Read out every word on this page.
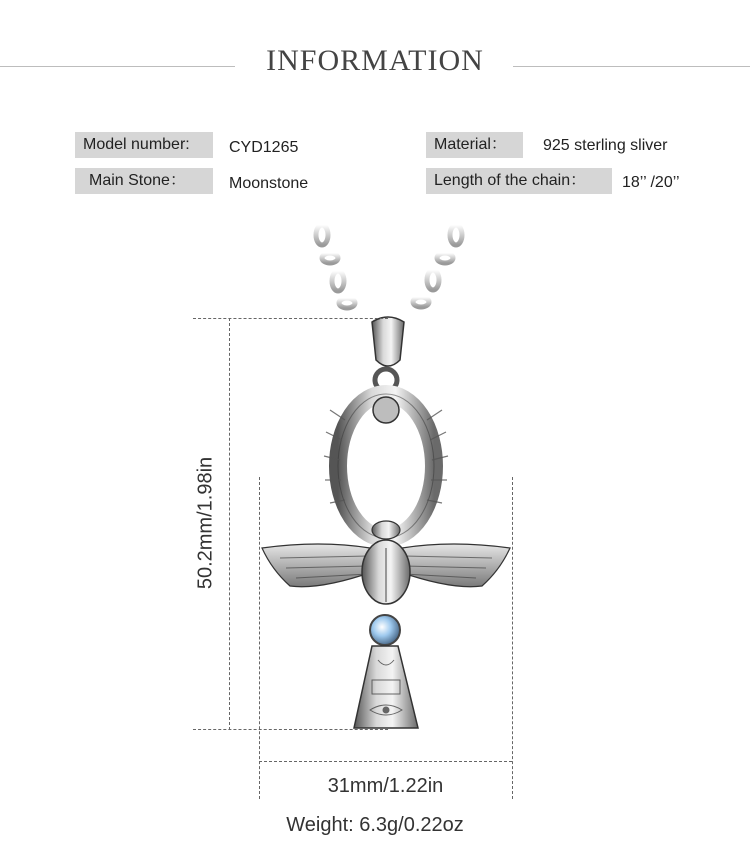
INFORMATION
Model number:	CYD1265
Main Stone：	Moonstone
Material：	925 sterling sliver
Length of the chain：	18’’ /20’’
50.2mm/1.98in
31mm/1.22in
Weight: 6.3g/0.22oz
